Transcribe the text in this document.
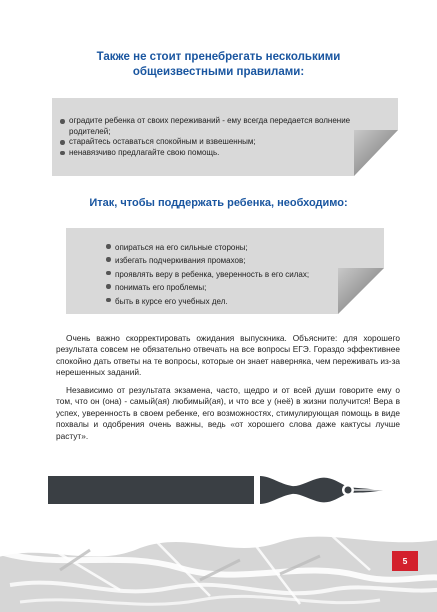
Также не стоит пренебрегать несколькими
общеизвестными правилами:
оградите ребенка от своих переживаний - ему всегда передается волнение родителей;
старайтесь оставаться спокойным и взвешенным;
ненавязчиво предлагайте свою помощь.
Итак, чтобы поддержать ребенка, необходимо:
опираться на его сильные стороны;
избегать подчеркивания промахов;
проявлять веру в ребенка, уверенность в его силах;
понимать его проблемы;
быть в курсе его учебных дел.

Очень важно скорректировать ожидания выпускника. Объясните: для хорошего результата совсем не обязательно отвечать на все вопросы ЕГЭ. Гораздо эффективнее спокойно дать ответы на те вопросы, которые он знает наверняка, чем переживать из-за нерешенных заданий.

Независимо от результата экзамена, часто, щедро и от всей души говорите ему о том, что он (она) - самый(ая) любимый(ая), и что все у (неё) в жизни получится! Вера в успех, уверенность в своем ребенке, его возможностях, стимулирующая помощь в виде похвалы и одобрения очень важны, ведь «от хорошего слова даже кактусы лучше растут».

5
